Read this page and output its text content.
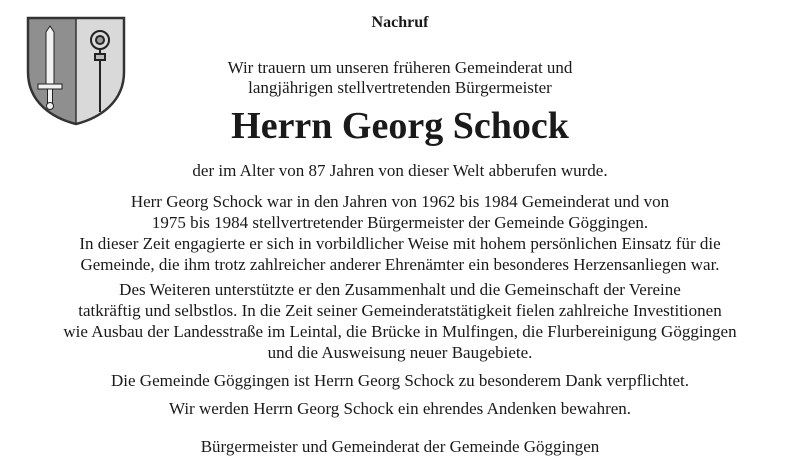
Nachruf
Wir trauern um unseren früheren Gemeinderat und
langjährigen stellvertretenden Bürgermeister
Herrn Georg Schock
der im Alter von 87 Jahren von dieser Welt abberufen wurde.
Herr Georg Schock war in den Jahren von 1962 bis 1984 Gemeinderat und von
1975 bis 1984 stellvertretender Bürgermeister der Gemeinde Göggingen.
In dieser Zeit engagierte er sich in vorbildlicher Weise mit hohem persönlichen Einsatz für die
Gemeinde, die ihm trotz zahlreicher anderer Ehrenämter ein besonderes Herzensanliegen war.
Des Weiteren unterstützte er den Zusammenhalt und die Gemeinschaft der Vereine
tatkräftig und selbstlos. In die Zeit seiner Gemeinderatstätigkeit fielen zahlreiche Investitionen
wie Ausbau der Landesstraße im Leintal, die Brücke in Mulfingen, die Flurbereinigung Göggingen
und die Ausweisung neuer Baugebiete.
Die Gemeinde Göggingen ist Herrn Georg Schock zu besonderem Dank verpflichtet.
Wir werden Herrn Georg Schock ein ehrendes Andenken bewahren.
Bürgermeister und Gemeinderat der Gemeinde Göggingen
